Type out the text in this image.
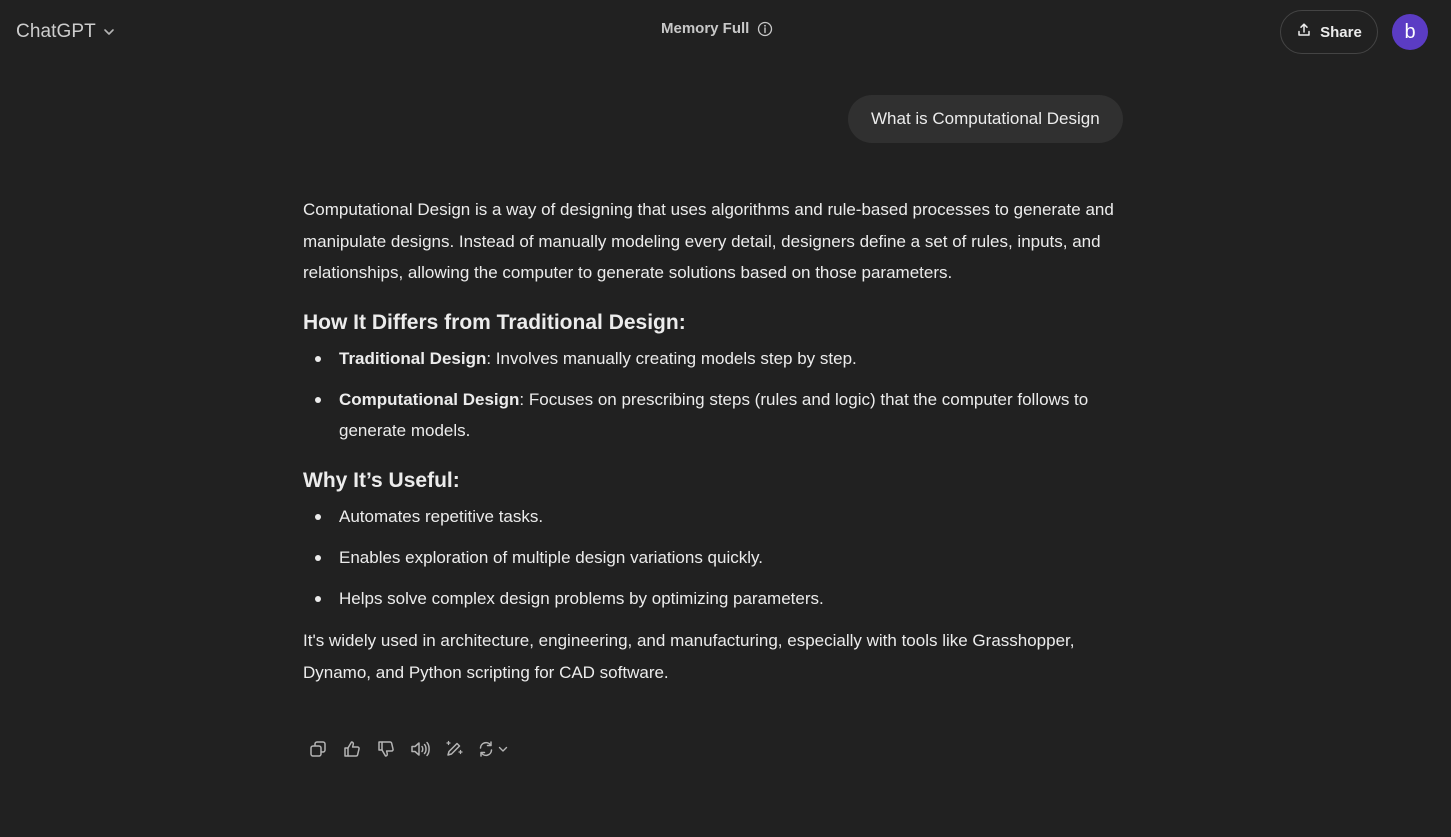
ChatGPT	Memory Full	Share	b
What is Computational Design

Computational Design is a way of designing that uses algorithms and rule-based processes to generate and manipulate designs. Instead of manually modeling every detail, designers define a set of rules, inputs, and relationships, allowing the computer to generate solutions based on those parameters.

How It Differs from Traditional Design:
Traditional Design: Involves manually creating models step by step.
Computational Design: Focuses on prescribing steps (rules and logic) that the computer follows to generate models.
Why It’s Useful:
Automates repetitive tasks.
Enables exploration of multiple design variations quickly.
Helps solve complex design problems by optimizing parameters.

It's widely used in architecture, engineering, and manufacturing, especially with tools like Grasshopper, Dynamo, and Python scripting for CAD software.
